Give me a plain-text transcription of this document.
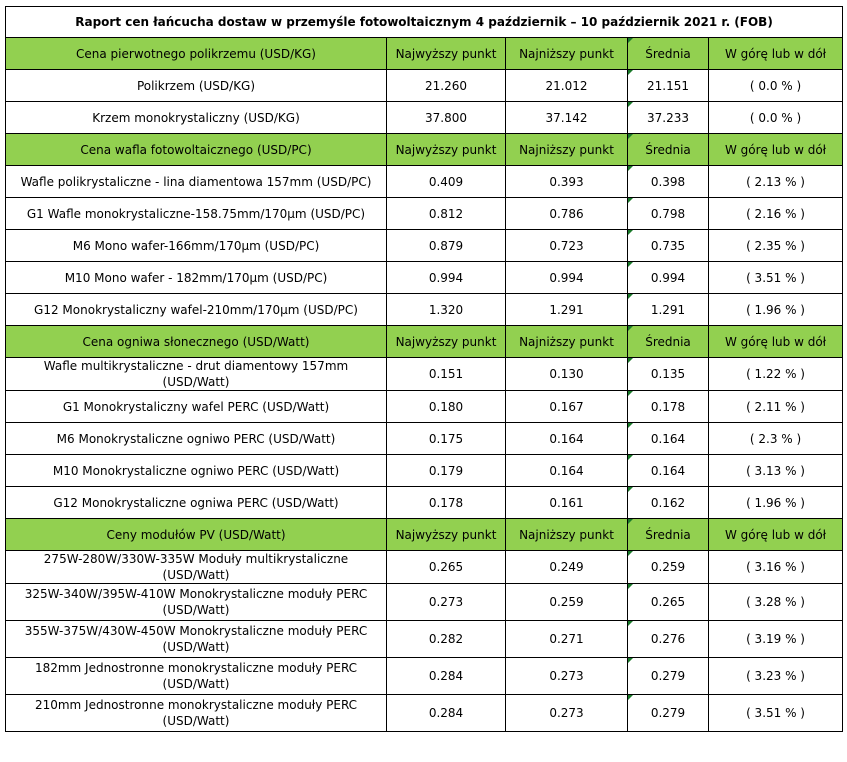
Raport cen łańcucha dostaw w przemyśle fotowoltaicznym 4 październik – 10 październik 2021 r. (FOB)				
Cena pierwotnego polikrzemu (USD/KG)	Najwyższy punkt	Najniższy punkt	Średnia	W górę lub w dół
Polikrzem (USD/KG)	21.260	21.012	21.151	( 0.0 % )
Krzem monokrystaliczny (USD/KG)	37.800	37.142	37.233	( 0.0 % )
Cena wafla fotowoltaicznego (USD/PC)	Najwyższy punkt	Najniższy punkt	Średnia	W górę lub w dół
Wafle polikrystaliczne - lina diamentowa 157mm (USD/PC)	0.409	0.393	0.398	( 2.13 % )
G1 Wafle monokrystaliczne-158.75mm/170μm (USD/PC)	0.812	0.786	0.798	( 2.16 % )
M6 Mono wafer-166mm/170μm (USD/PC)	0.879	0.723	0.735	( 2.35 % )
M10 Mono wafer - 182mm/170μm (USD/PC)	0.994	0.994	0.994	( 3.51 % )
G12 Monokrystaliczny wafel-210mm/170μm (USD/PC)	1.320	1.291	1.291	( 1.96 % )
Cena ogniwa słonecznego (USD/Watt)	Najwyższy punkt	Najniższy punkt	Średnia	W górę lub w dół
Wafle multikrystaliczne - drut diamentowy 157mm (USD/Watt)	0.151	0.130	0.135	( 1.22 % )
G1 Monokrystaliczny wafel PERC (USD/Watt)	0.180	0.167	0.178	( 2.11 % )
M6 Monokrystaliczne ogniwo PERC (USD/Watt)	0.175	0.164	0.164	( 2.3 % )
M10 Monokrystaliczne ogniwo PERC (USD/Watt)	0.179	0.164	0.164	( 3.13 % )
G12 Monokrystaliczne ogniwa PERC (USD/Watt)	0.178	0.161	0.162	( 1.96 % )
Ceny modułów PV (USD/Watt)	Najwyższy punkt	Najniższy punkt	Średnia	W górę lub w dół
275W-280W/330W-335W Moduły multikrystaliczne (USD/Watt)	0.265	0.249	0.259	( 3.16 % )
325W-340W/395W-410W Monokrystaliczne moduły PERC (USD/Watt)	0.273	0.259	0.265	( 3.28 % )
355W-375W/430W-450W Monokrystaliczne moduły PERC (USD/Watt)	0.282	0.271	0.276	( 3.19 % )
182mm Jednostronne monokrystaliczne moduły PERC (USD/Watt)	0.284	0.273	0.279	( 3.23 % )
210mm Jednostronne monokrystaliczne moduły PERC (USD/Watt)	0.284	0.273	0.279	( 3.51 % )
